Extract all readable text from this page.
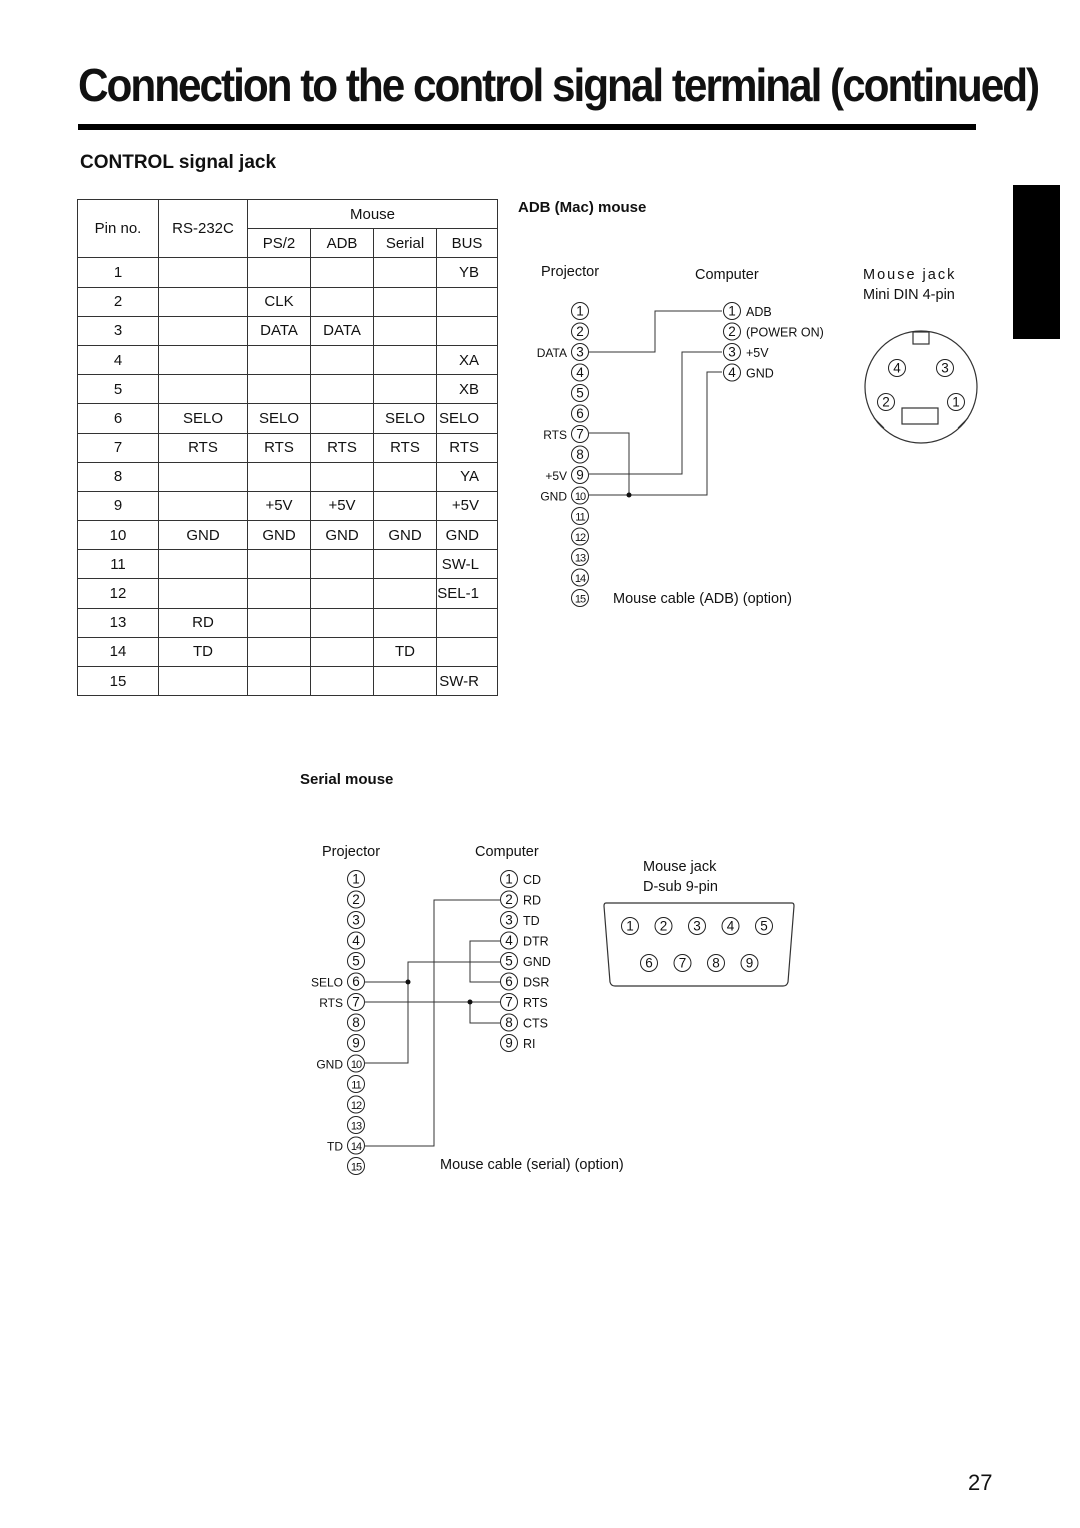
Connection to the control signal terminal (continued)
CONTROL signal jack
Pin no.	RS-232C	Mouse			
		PS/2	ADB	Serial	BUS
1					YB
2		CLK			
3		DATA	DATA		
4					XA
5					XB
6	SELO	SELO		SELO	SELO
7	RTS	RTS	RTS	RTS	RTS
8					YA
9		+5V	+5V		+5V
10	GND	GND	GND	GND	GND
11					SW-L
12					SEL-1
13	RD				
14	TD			TD	
15					SW-R
ADB (Mac) mouse
Serial mouse
Projector	Computer	Mouse jack
Mini DIN 4-pin
1
2
3
DATA
4
5
6
7
RTS
8
9
+5V
10
GND
11
12
13
14
15
1 ADB
2 (POWER ON)
3 +5V
4 GND
Mouse cable (ADB) (option)
4	3
2	1
Projector	Computer
Mouse jack
D-sub 9-pin
1
2
3
4
5
6
SELO
7
RTS
8
9
10
GND
11
12
13
14
TD
15
1 CD
2 RD
3 TD
4 DTR
5 GND
6 DSR
7 RTS
8 CTS
9 RI
Mouse cable (serial) (option)
1 2 3 4 5
6 7 8 9
27
